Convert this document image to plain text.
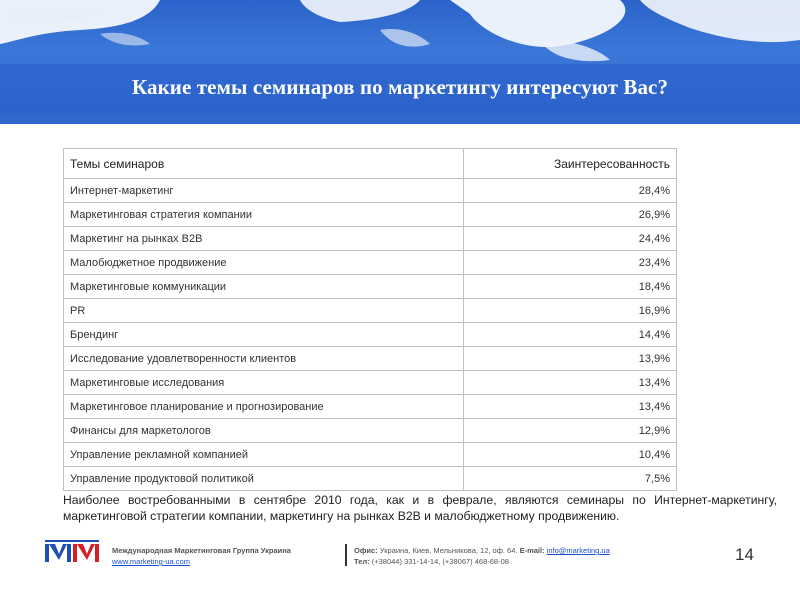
Какие темы семинаров по маркетингу интересуют Вас?
Темы семинаров	Заинтересованность
Интернет-маркетинг	28,4%
Маркетинговая стратегия компании	26,9%
Маркетинг на рынках B2B	24,4%
Малобюджетное продвижение	23,4%
Маркетинговые коммуникации	18,4%
PR	16,9%
Брендинг	14,4%
Исследование удовлетворенности клиентов	13,9%
Маркетинговые исследования	13,4%
Маркетинговое планирование и прогнозирование	13,4%
Финансы для маркетологов	12,9%
Управление рекламной компанией	10,4%
Управление продуктовой политикой	7,5%
Наиболее востребованными в сентябре 2010 года, как и в феврале, являются семинары по Интернет-маркетингу, маркетинговой стратегии компании, маркетингу на рынках B2B и малобюджетному продвижению.
Международная Маркетинговая Группа Украина
www.marketing-ua.com
Офис: Украина, Киев, Мельникова, 12, оф. 64. E-mail: info@marketing.ua
Тел: (+38044) 331-14-14, (+38067) 468-68-08	14
